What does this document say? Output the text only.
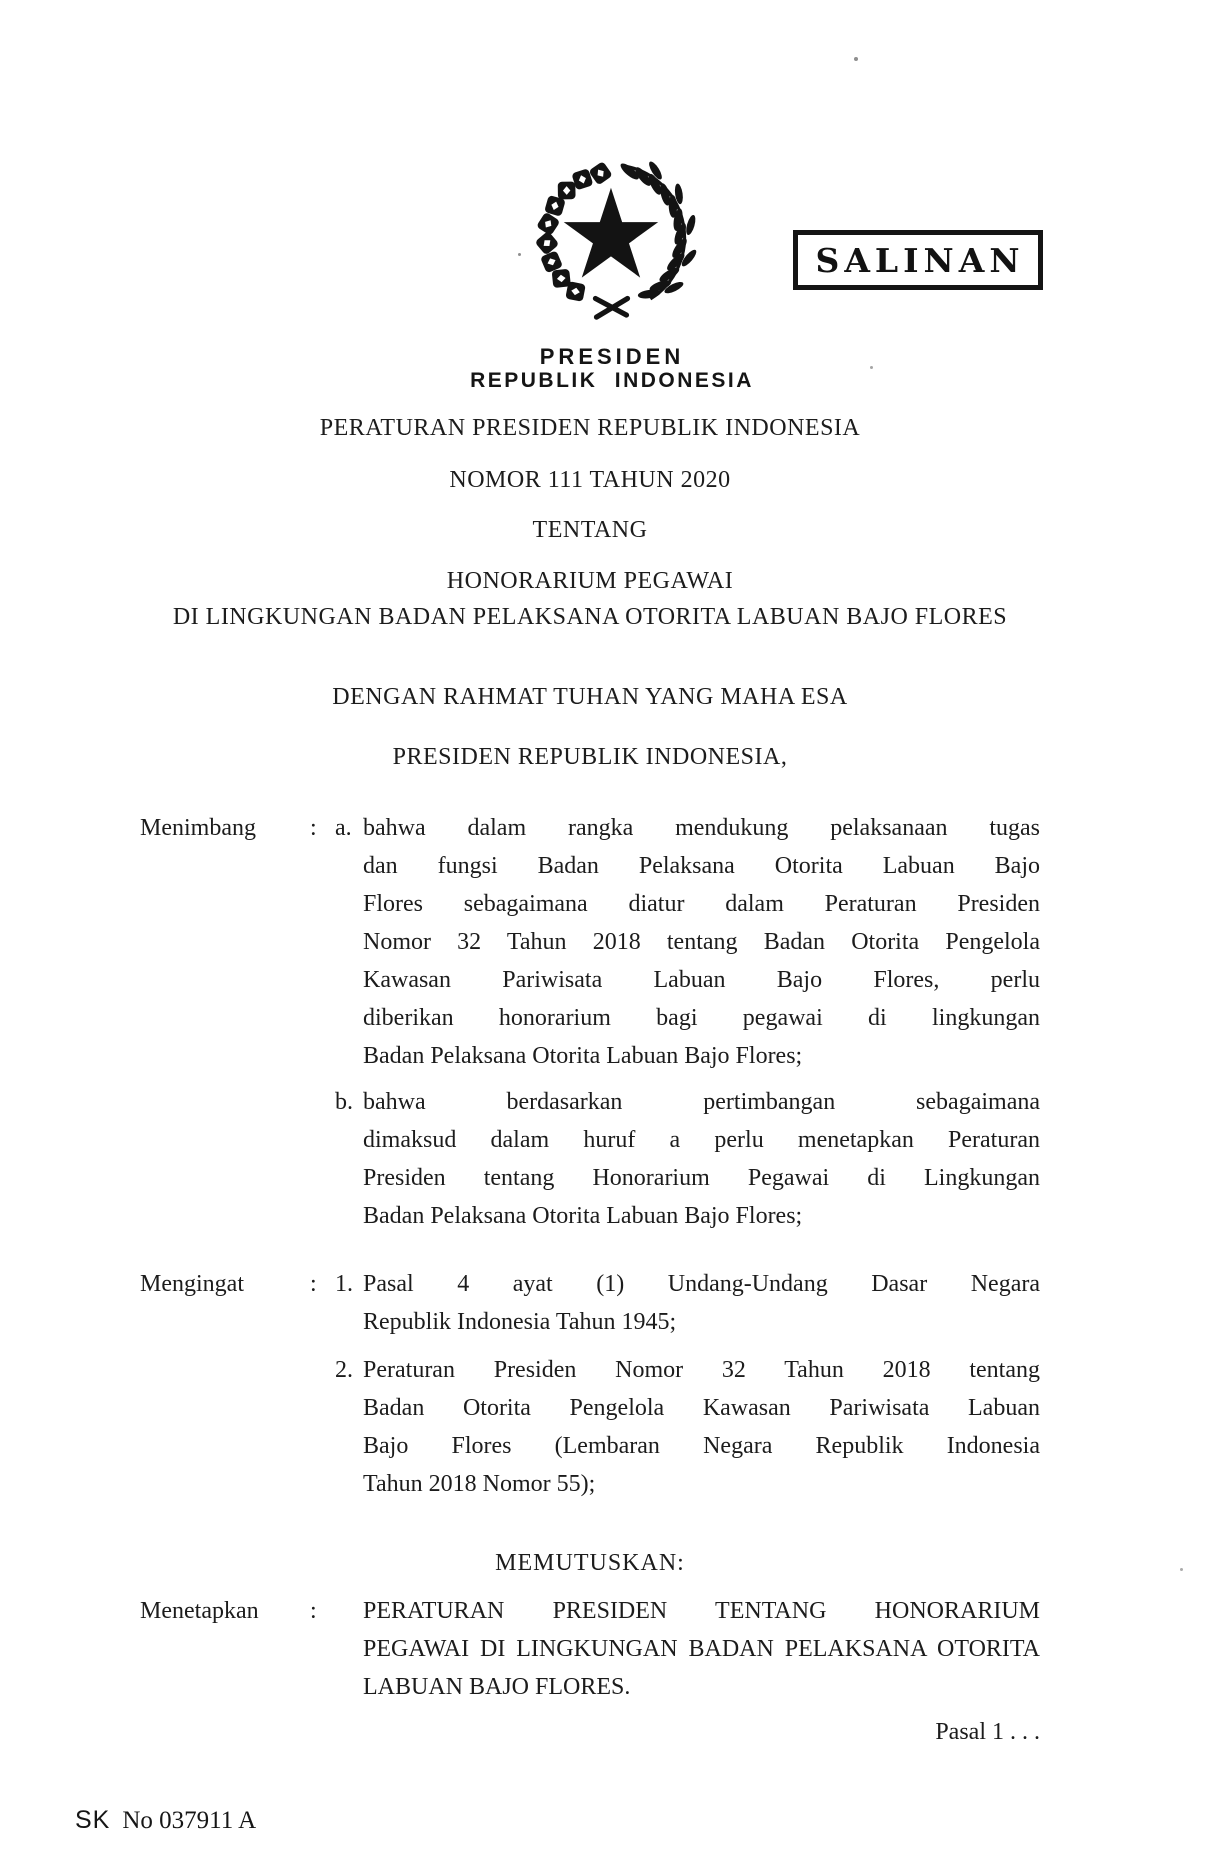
SALINAN
PRESIDEN
REPUBLIK INDONESIA
PERATURAN PRESIDEN REPUBLIK INDONESIA
NOMOR 111 TAHUN 2020
TENTANG
HONORARIUM PEGAWAI
DI LINGKUNGAN BADAN PELAKSANA OTORITA LABUAN BAJO FLORES
DENGAN RAHMAT TUHAN YANG MAHA ESA
PRESIDEN REPUBLIK INDONESIA,
Menimbang	: a. bahwa dalam rangka mendukung pelaksanaan tugas
dan fungsi Badan Pelaksana Otorita Labuan Bajo
Flores sebagaimana diatur dalam Peraturan Presiden
Nomor 32 Tahun 2018 tentang Badan Otorita Pengelola
Kawasan Pariwisata Labuan Bajo Flores, perlu
diberikan honorarium bagi pegawai di lingkungan
Badan Pelaksana Otorita Labuan Bajo Flores;
b. bahwa berdasarkan pertimbangan sebagaimana
dimaksud dalam huruf a perlu menetapkan Peraturan
Presiden tentang Honorarium Pegawai di Lingkungan
Badan Pelaksana Otorita Labuan Bajo Flores;
Mengingat	: 1. Pasal 4 ayat (1) Undang-Undang Dasar Negara
Republik Indonesia Tahun 1945;
2. Peraturan Presiden Nomor 32 Tahun 2018 tentang
Badan Otorita Pengelola Kawasan Pariwisata Labuan
Bajo Flores (Lembaran Negara Republik Indonesia
Tahun 2018 Nomor 55);
MEMUTUSKAN:
Menetapkan	:	PERATURAN PRESIDEN TENTANG HONORARIUM
PEGAWAI DI LINGKUNGAN BADAN PELAKSANA OTORITA
LABUAN BAJO FLORES.
Pasal 1 . . .
SK No 037911 A
